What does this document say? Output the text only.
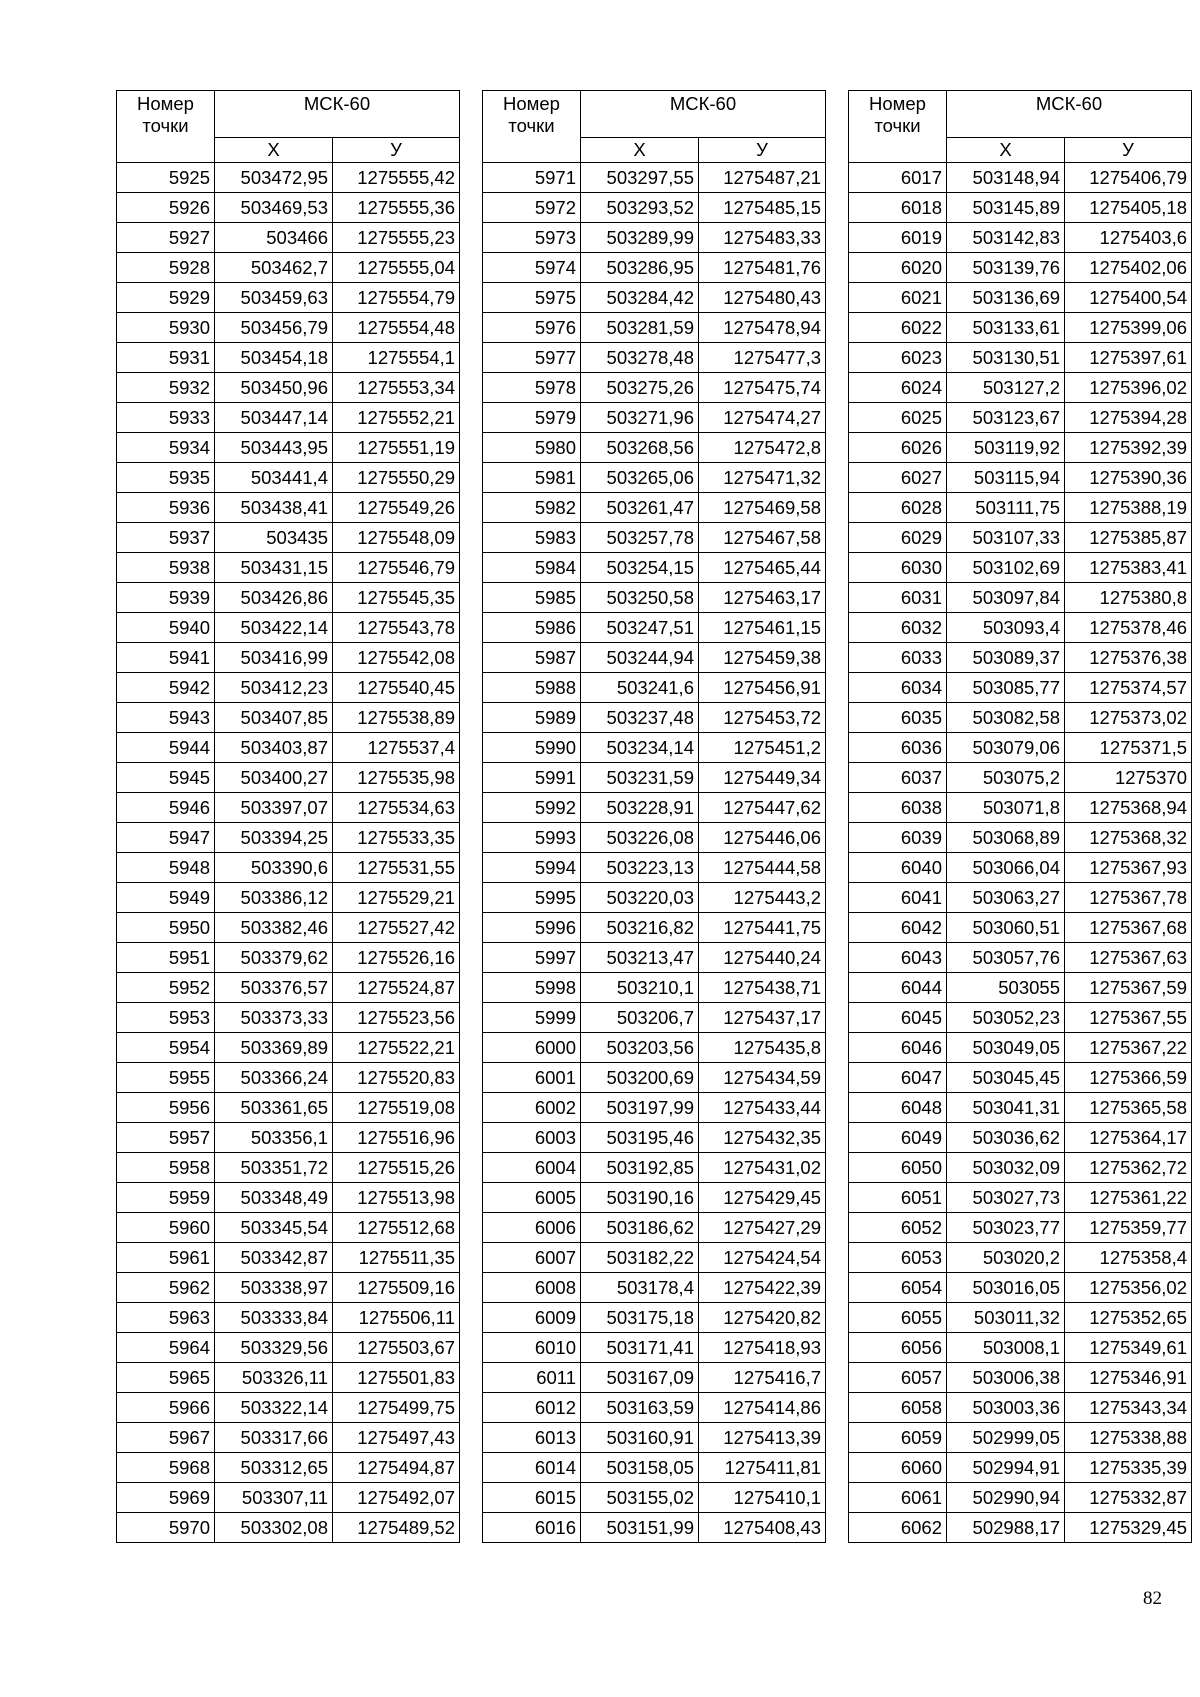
Номер
точки	МСК-60	
	Х	У
5925	503472,95	1275555,42
5926	503469,53	1275555,36
5927	503466	1275555,23
5928	503462,7	1275555,04
5929	503459,63	1275554,79
5930	503456,79	1275554,48
5931	503454,18	1275554,1
5932	503450,96	1275553,34
5933	503447,14	1275552,21
5934	503443,95	1275551,19
5935	503441,4	1275550,29
5936	503438,41	1275549,26
5937	503435	1275548,09
5938	503431,15	1275546,79
5939	503426,86	1275545,35
5940	503422,14	1275543,78
5941	503416,99	1275542,08
5942	503412,23	1275540,45
5943	503407,85	1275538,89
5944	503403,87	1275537,4
5945	503400,27	1275535,98
5946	503397,07	1275534,63
5947	503394,25	1275533,35
5948	503390,6	1275531,55
5949	503386,12	1275529,21
5950	503382,46	1275527,42
5951	503379,62	1275526,16
5952	503376,57	1275524,87
5953	503373,33	1275523,56
5954	503369,89	1275522,21
5955	503366,24	1275520,83
5956	503361,65	1275519,08
5957	503356,1	1275516,96
5958	503351,72	1275515,26
5959	503348,49	1275513,98
5960	503345,54	1275512,68
5961	503342,87	1275511,35
5962	503338,97	1275509,16
5963	503333,84	1275506,11
5964	503329,56	1275503,67
5965	503326,11	1275501,83
5966	503322,14	1275499,75
5967	503317,66	1275497,43
5968	503312,65	1275494,87
5969	503307,11	1275492,07
5970	503302,08	1275489,52
Номер
точки	МСК-60	
	Х	У
5971	503297,55	1275487,21
5972	503293,52	1275485,15
5973	503289,99	1275483,33
5974	503286,95	1275481,76
5975	503284,42	1275480,43
5976	503281,59	1275478,94
5977	503278,48	1275477,3
5978	503275,26	1275475,74
5979	503271,96	1275474,27
5980	503268,56	1275472,8
5981	503265,06	1275471,32
5982	503261,47	1275469,58
5983	503257,78	1275467,58
5984	503254,15	1275465,44
5985	503250,58	1275463,17
5986	503247,51	1275461,15
5987	503244,94	1275459,38
5988	503241,6	1275456,91
5989	503237,48	1275453,72
5990	503234,14	1275451,2
5991	503231,59	1275449,34
5992	503228,91	1275447,62
5993	503226,08	1275446,06
5994	503223,13	1275444,58
5995	503220,03	1275443,2
5996	503216,82	1275441,75
5997	503213,47	1275440,24
5998	503210,1	1275438,71
5999	503206,7	1275437,17
6000	503203,56	1275435,8
6001	503200,69	1275434,59
6002	503197,99	1275433,44
6003	503195,46	1275432,35
6004	503192,85	1275431,02
6005	503190,16	1275429,45
6006	503186,62	1275427,29
6007	503182,22	1275424,54
6008	503178,4	1275422,39
6009	503175,18	1275420,82
6010	503171,41	1275418,93
6011	503167,09	1275416,7
6012	503163,59	1275414,86
6013	503160,91	1275413,39
6014	503158,05	1275411,81
6015	503155,02	1275410,1
6016	503151,99	1275408,43
Номер
точки	МСК-60	
	Х	У
6017	503148,94	1275406,79
6018	503145,89	1275405,18
6019	503142,83	1275403,6
6020	503139,76	1275402,06
6021	503136,69	1275400,54
6022	503133,61	1275399,06
6023	503130,51	1275397,61
6024	503127,2	1275396,02
6025	503123,67	1275394,28
6026	503119,92	1275392,39
6027	503115,94	1275390,36
6028	503111,75	1275388,19
6029	503107,33	1275385,87
6030	503102,69	1275383,41
6031	503097,84	1275380,8
6032	503093,4	1275378,46
6033	503089,37	1275376,38
6034	503085,77	1275374,57
6035	503082,58	1275373,02
6036	503079,06	1275371,5
6037	503075,2	1275370
6038	503071,8	1275368,94
6039	503068,89	1275368,32
6040	503066,04	1275367,93
6041	503063,27	1275367,78
6042	503060,51	1275367,68
6043	503057,76	1275367,63
6044	503055	1275367,59
6045	503052,23	1275367,55
6046	503049,05	1275367,22
6047	503045,45	1275366,59
6048	503041,31	1275365,58
6049	503036,62	1275364,17
6050	503032,09	1275362,72
6051	503027,73	1275361,22
6052	503023,77	1275359,77
6053	503020,2	1275358,4
6054	503016,05	1275356,02
6055	503011,32	1275352,65
6056	503008,1	1275349,61
6057	503006,38	1275346,91
6058	503003,36	1275343,34
6059	502999,05	1275338,88
6060	502994,91	1275335,39
6061	502990,94	1275332,87
6062	502988,17	1275329,45
82
